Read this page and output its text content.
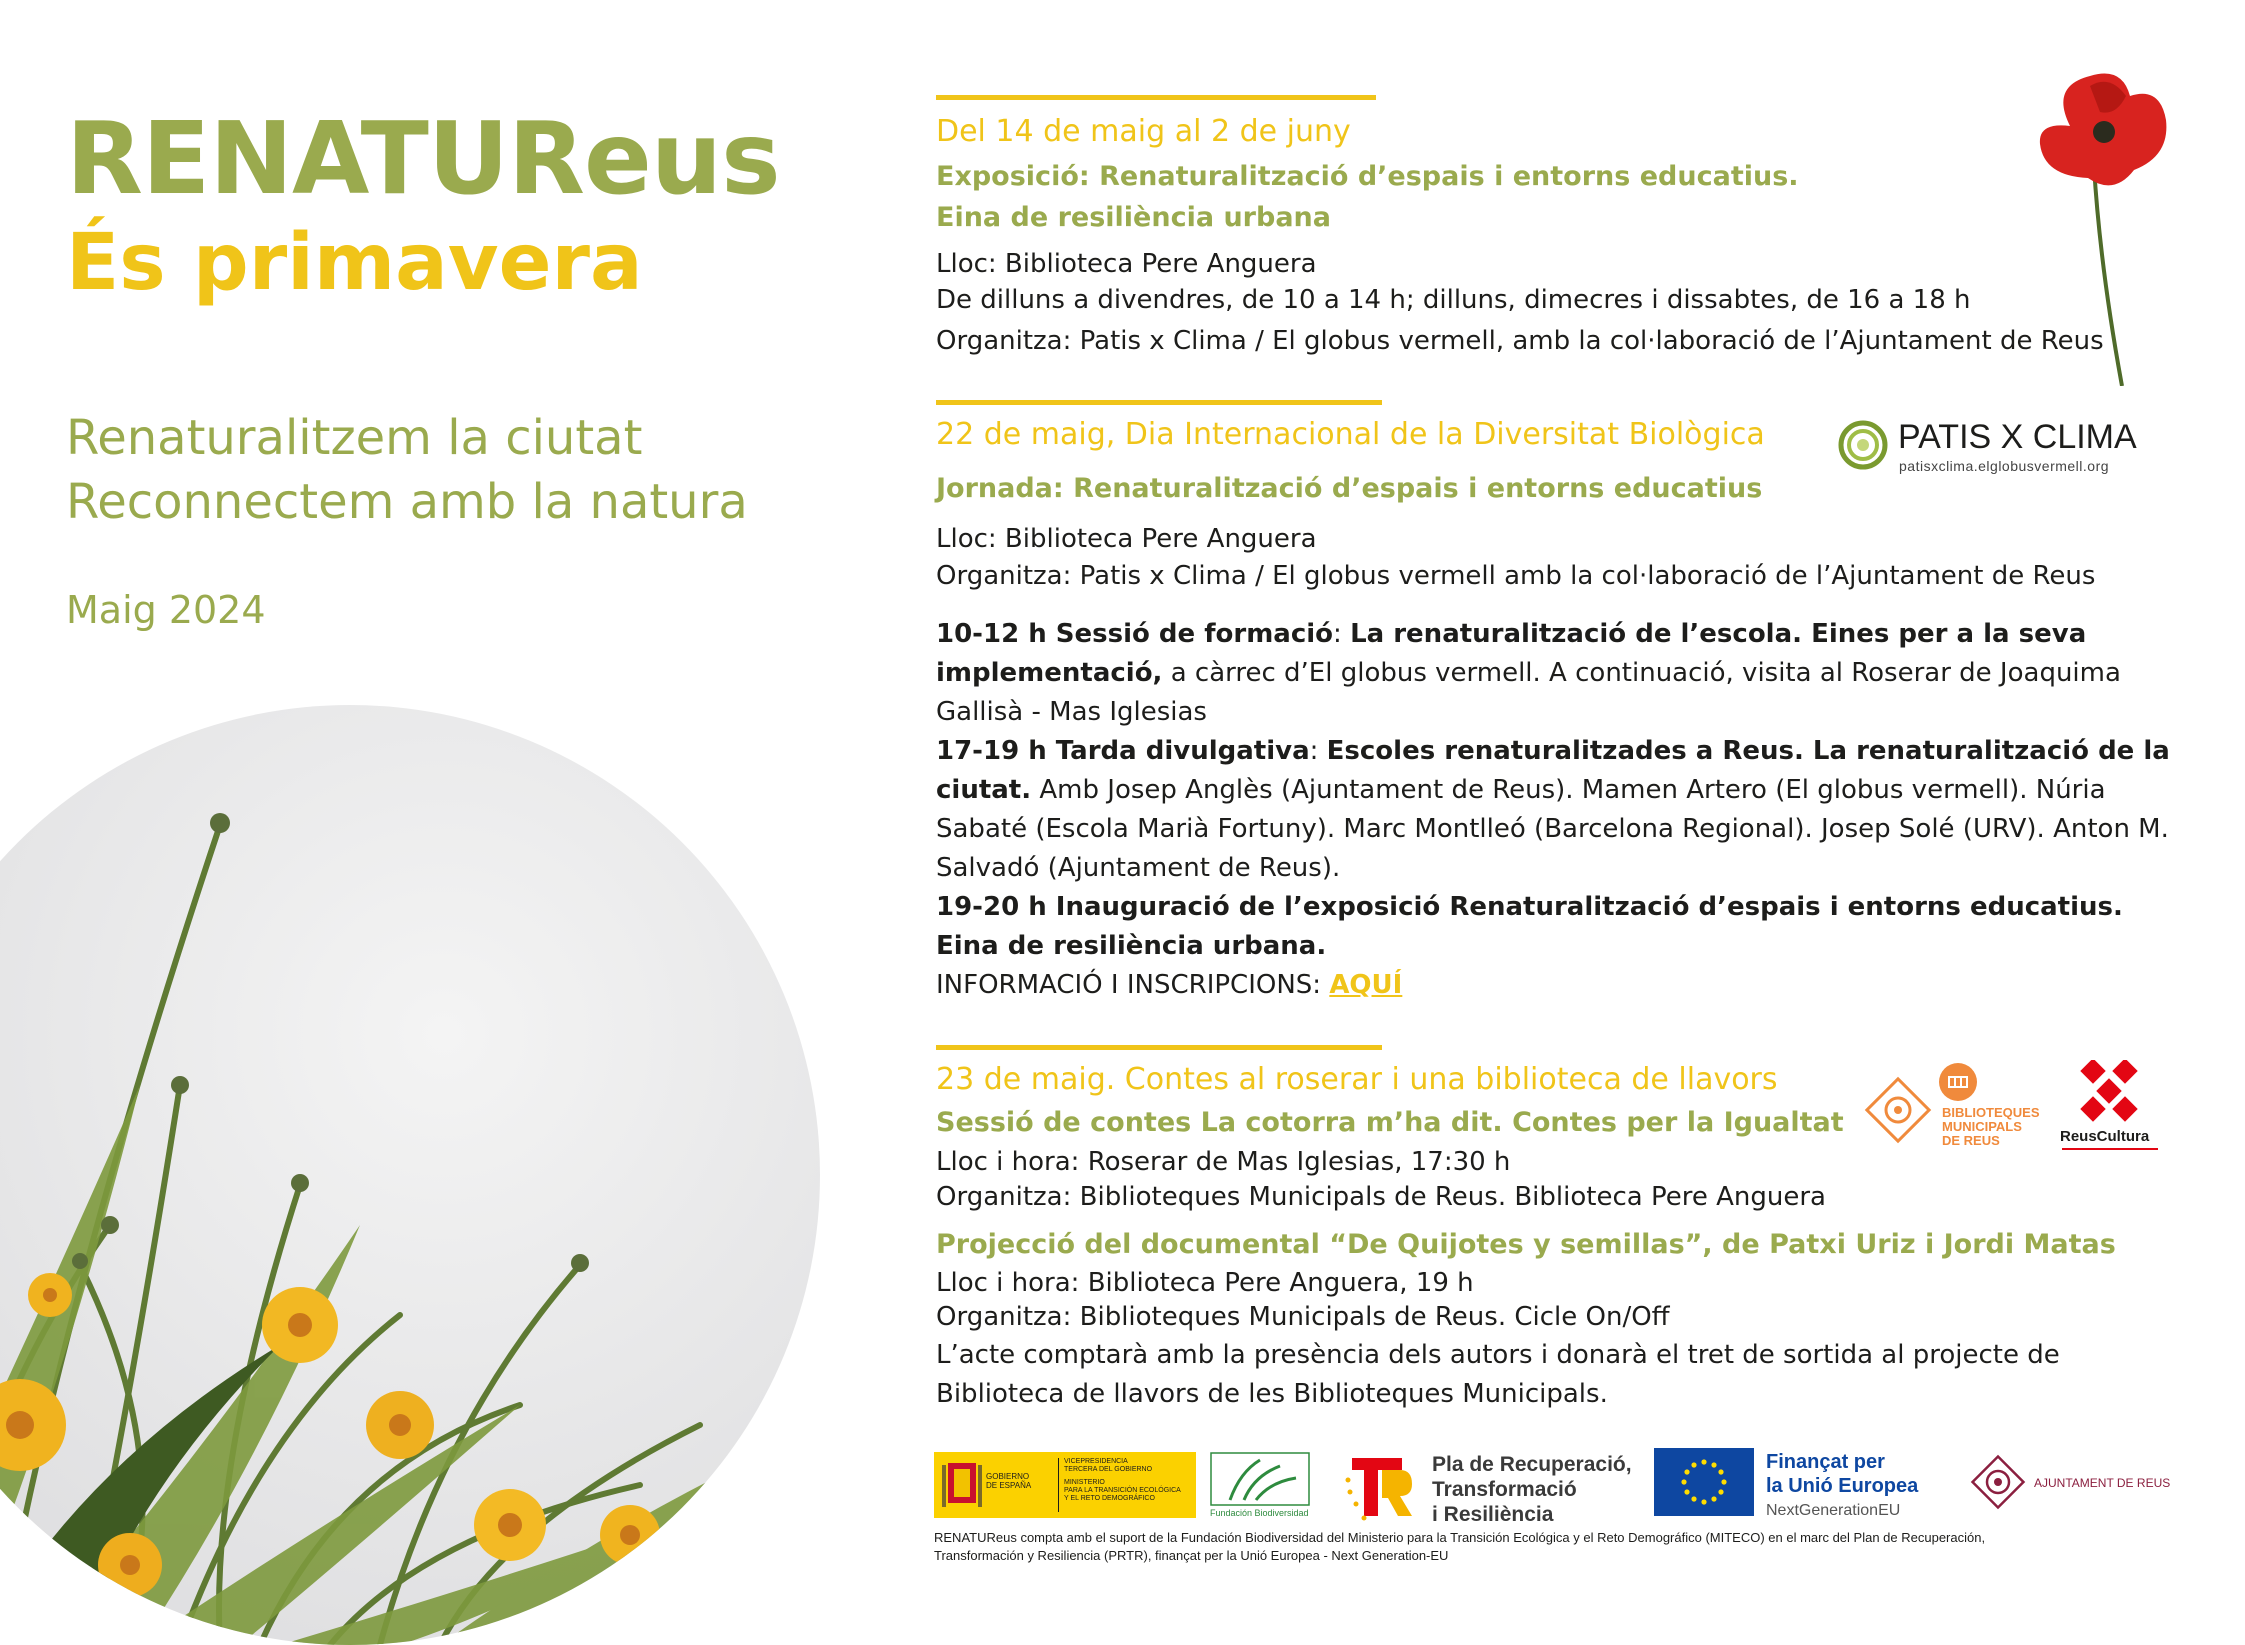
RENATUReus
És primavera
Renaturalitzem la ciutat
Reconnectem amb la natura
Maig 2024
Del 14 de maig al 2 de juny
Exposició: Renaturalització d’espais i entorns educatius.
Eina de resiliència urbana
Lloc: Biblioteca Pere Anguera
De dilluns a divendres, de 10 a 14 h; dilluns, dimecres i dissabtes, de 16 a 18 h
Organitza: Patis x Clima / El globus vermell, amb la col·laboració de l’Ajuntament de Reus
22 de maig, Dia Internacional de la Diversitat Biològica
Jornada: Renaturalització d’espais i entorns educatius
Lloc: Biblioteca Pere Anguera
Organitza: Patis x Clima / El globus vermell amb la col·laboració de l’Ajuntament de Reus
PATIS X CLIMA
patisxclima.elglobusvermell.org
10-12 h Sessió de formació: La renaturalització de l’escola. Eines per a la seva implementació, a càrrec d’El globus vermell. A continuació, visita al Roserar de Joaquima Gallisà - Mas Iglesias
17-19 h Tarda divulgativa: Escoles renaturalitzades a Reus. La renaturalització de la ciutat. Amb Josep Anglès (Ajuntament de Reus). Mamen Artero (El globus vermell). Núria Sabaté (Escola Marià Fortuny). Marc Montlleó (Barcelona Regional). Josep Solé (URV). Anton M. Salvadó (Ajuntament de Reus).
19-20 h Inauguració de l’exposició Renaturalització d’espais i entorns educatius. Eina de resiliència urbana.
INFORMACIÓ I INSCRIPCIONS: AQUÍ
23 de maig. Contes al roserar i una biblioteca de llavors
Sessió de contes La cotorra m’ha dit. Contes per la Igualtat
Lloc i hora: Roserar de Mas Iglesias, 17:30 h
Organitza: Biblioteques Municipals de Reus. Biblioteca Pere Anguera
Projecció del documental “De Quijotes y semillas”, de Patxi Uriz i Jordi Matas
Lloc i hora: Biblioteca Pere Anguera, 19 h
Organitza: Biblioteques Municipals de Reus. Cicle On/Off
L’acte comptarà amb la presència dels autors i donarà el tret de sortida al projecte de Biblioteca de llavors de les Biblioteques Municipals.
BIBLIOTEQUES
MUNICIPALS
DE REUS	ReusCultura
GOBIERNO
DE ESPAÑA
VICEPRESIDENCIA
TERCERA DEL GOBIERNO
MINISTERIO
PARA LA TRANSICIÓN ECOLÓGICA
Y EL RETO DEMOGRÁFICO
Fundación Biodiversidad
Pla de Recuperació,
Transformació
i Resiliència
Finançat per
la Unió Europea
NextGenerationEU
AJUNTAMENT DE REUS
RENATUReus compta amb el suport de la Fundación Biodiversidad del Ministerio para la Transición Ecológica y el Reto Demográfico (MITECO) en el marc del Plan de Recuperación,
Transformación y Resiliencia (PRTR), finançat per la Unió Europea - Next Generation-EU
